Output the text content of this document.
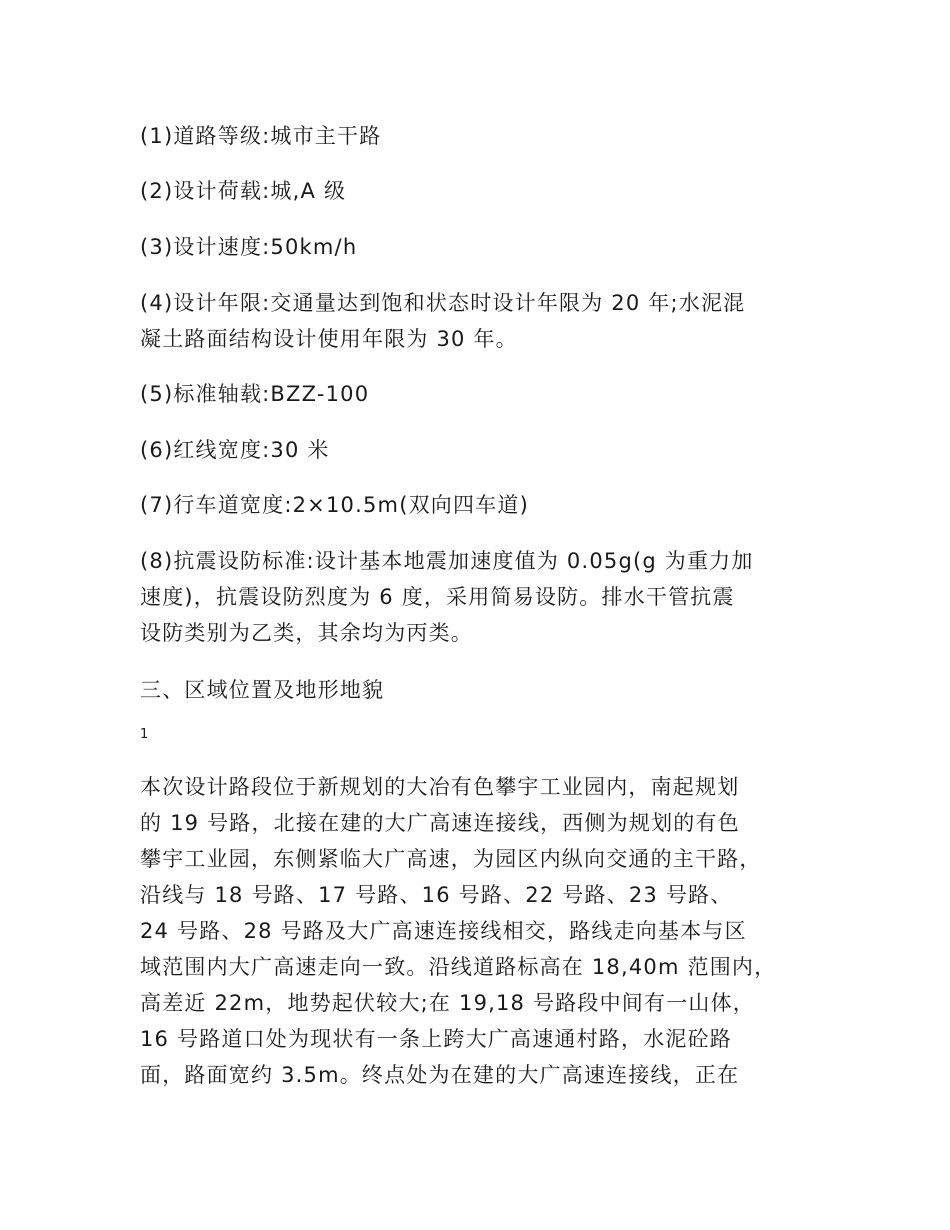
(1)道路等级:城市主干路
(2)设计荷载:城,A 级
(3)设计速度:50km/h
(4)设计年限:交通量达到饱和状态时设计年限为 20 年;水泥混
凝土路面结构设计使用年限为 30 年。
(5)标准轴载:BZZ-100
(6)红线宽度:30 米
(7)行车道宽度:2×10.5m(双向四车道)
(8)抗震设防标准:设计基本地震加速度值为 0.05g(g 为重力加
速度)，抗震设防烈度为 6 度，采用简易设防。排水干管抗震
设防类别为乙类，其余均为丙类。
三、区域位置及地形地貌
1
本次设计路段位于新规划的大冶有色攀宇工业园内，南起规划
的 19 号路，北接在建的大广高速连接线，西侧为规划的有色
攀宇工业园，东侧紧临大广高速，为园区内纵向交通的主干路，
沿线与 18 号路、17 号路、16 号路、22 号路、23 号路、
24 号路、28 号路及大广高速连接线相交，路线走向基本与区
域范围内大广高速走向一致。沿线道路标高在 18,40m 范围内，
高差近 22m，地势起伏较大;在 19,18 号路段中间有一山体，
16 号路道口处为现状有一条上跨大广高速通村路，水泥砼路
面，路面宽约 3.5m。终点处为在建的大广高速连接线，正在
